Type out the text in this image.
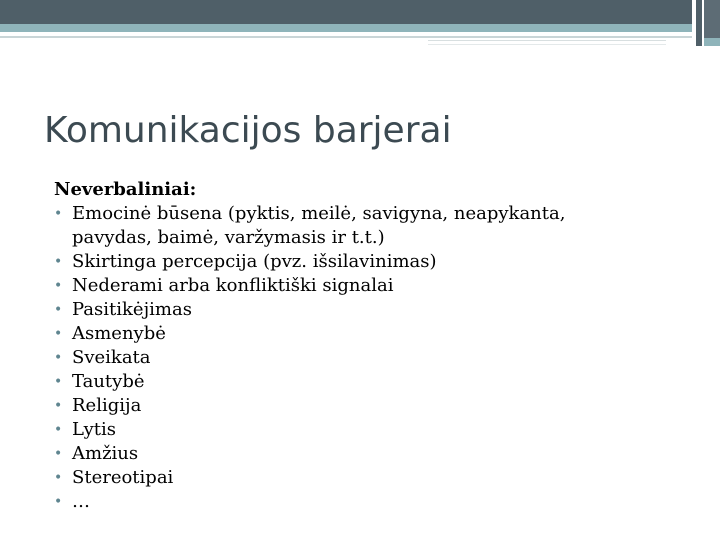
Komunikacijos barjerai

Neverbaliniai:

• Emocinė būsena (pyktis, meilė, savigyna, neapykanta,
pavydas, baimė, varžymasis ir t.t.)
• Skirtinga percepcija (pvz. išsilavinimas)
• Nederami arba konfliktiški signalai
• Pasitikėjimas
• Asmenybė
• Sveikata
• Tautybė
• Religija
• Lytis
• Amžius
• Stereotipai
• …
